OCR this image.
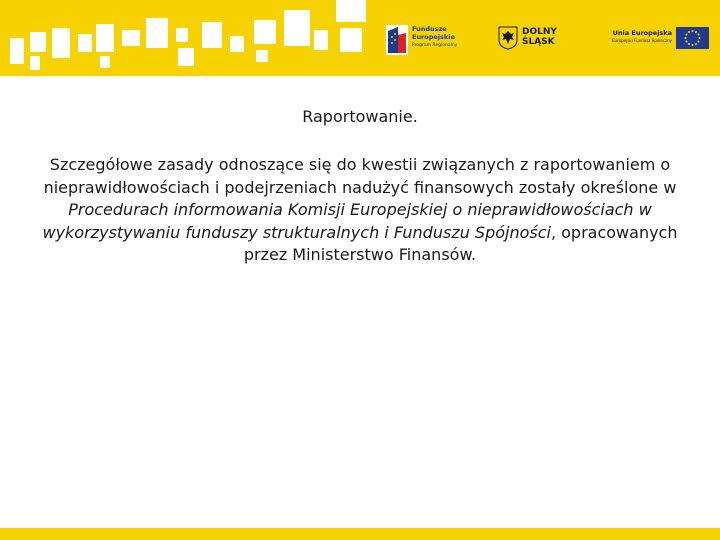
Fundusze
Europejskie
Program Regionalny
DOLNY
ŚLĄSK
Unia Europejska
Europejski Fundusz Społeczny

Raportowanie.

Szczegółowe zasady odnoszące się do kwestii związanych z raportowaniem o nieprawidłowościach i podejrzeniach nadużyć finansowych zostały określone w Procedurach informowania Komisji Europejskiej o nieprawidłowościach w wykorzystywaniu funduszy strukturalnych i Funduszu Spójności, opracowanych przez Ministerstwo Finansów.
